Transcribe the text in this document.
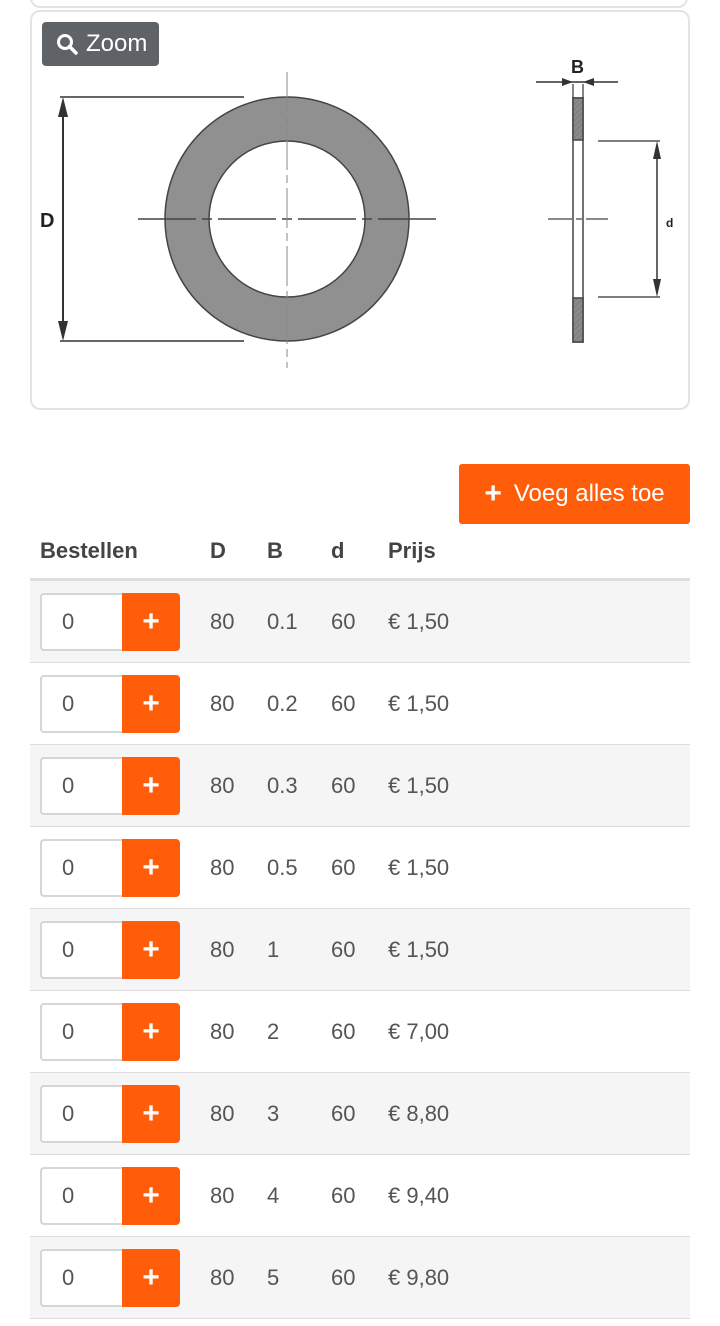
D
B
d
Zoom
+ Voeg alles toe
Bestellen	D B d Prijs
0
+	80 0.1 60 € 1,50
0
+	80 0.2 60 € 1,50
0
+	80 0.3 60 € 1,50
0
+	80 0.5 60 € 1,50
0
+	80 1 60 € 1,50
0
+	80 2 60 € 7,00
0
+	80 3 60 € 8,80
0
+	80 4 60 € 9,40
0
+	80 5 60 € 9,80
